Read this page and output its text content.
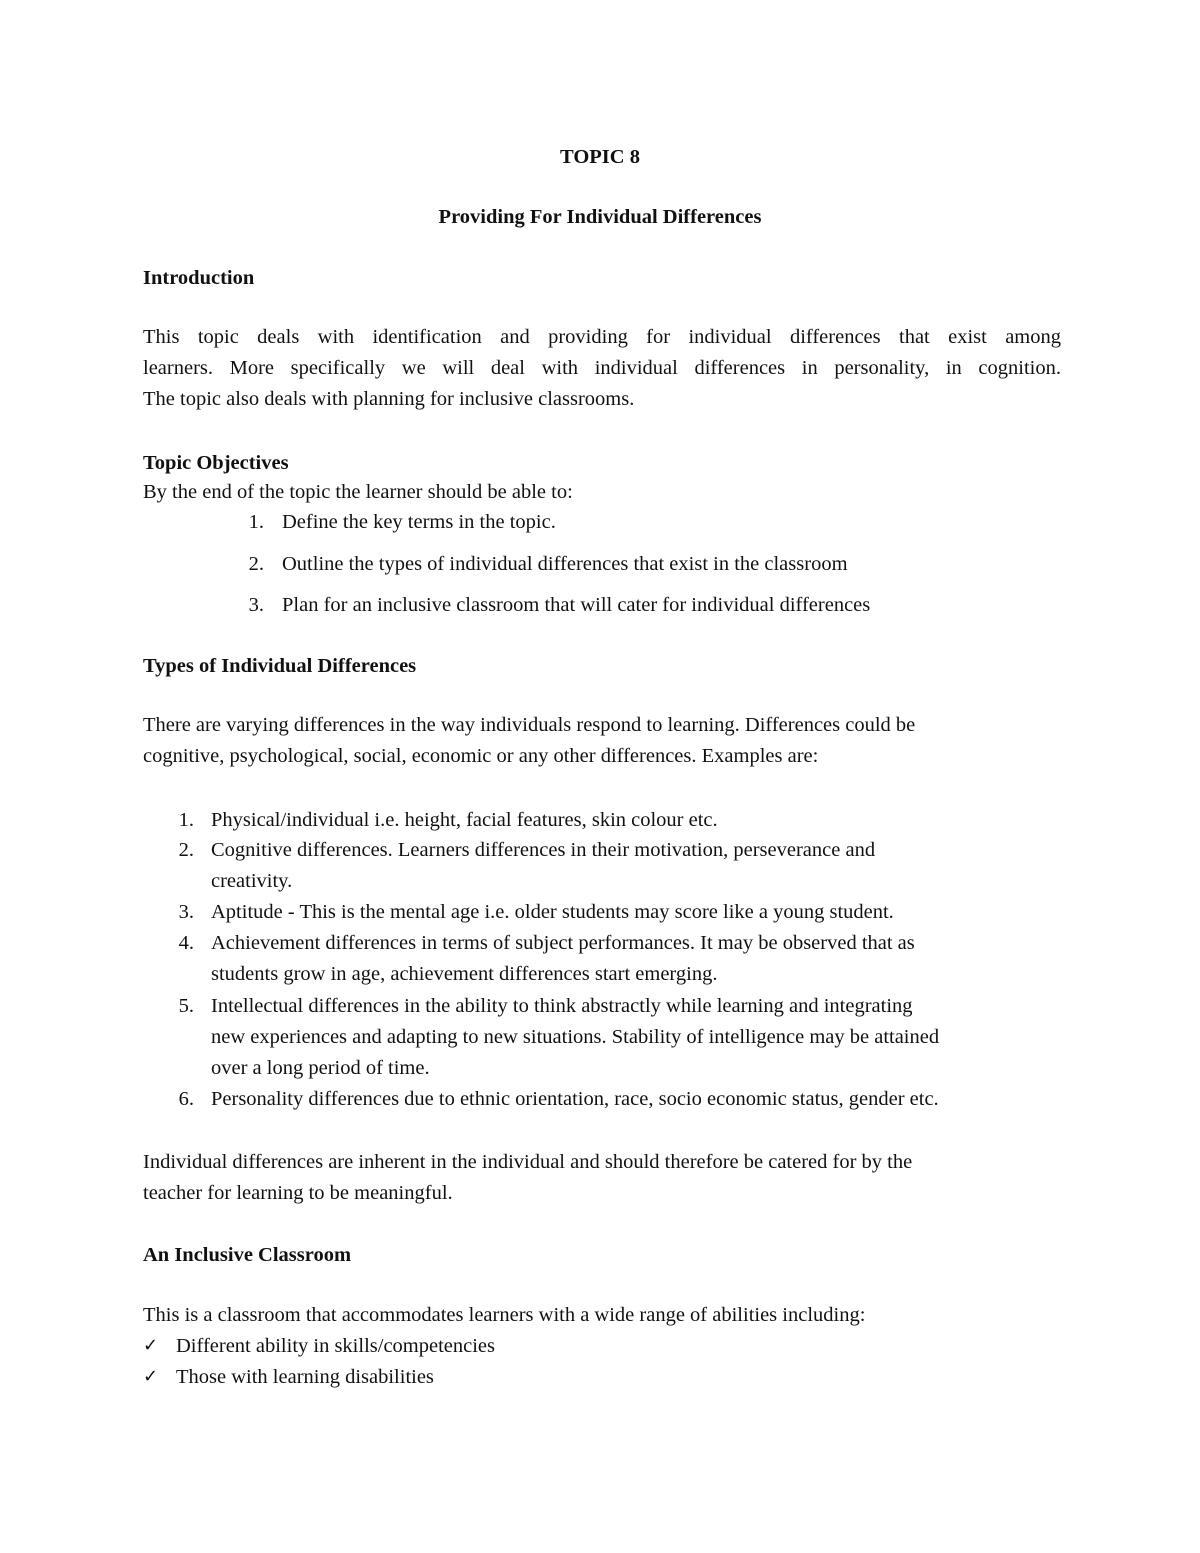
TOPIC 8
Providing For Individual Differences
Introduction
This topic deals with identification and providing for individual differences that exist among
learners. More specifically we will deal with individual differences in personality, in cognition.
The topic also deals with planning for inclusive classrooms.
Topic Objectives
By the end of the topic the learner should be able to:
1. Define the key terms in the topic.
2. Outline the types of individual differences that exist in the classroom
3. Plan for an inclusive classroom that will cater for individual differences
Types of Individual Differences
There are varying differences in the way individuals respond to learning. Differences could be
cognitive, psychological, social, economic or any other differences. Examples are:
1. Physical/individual i.e. height, facial features, skin colour etc.
2. Cognitive differences. Learners differences in their motivation, perseverance and
creativity.
3. Aptitude - This is the mental age i.e. older students may score like a young student.
4. Achievement differences in terms of subject performances. It may be observed that as
students grow in age, achievement differences start emerging.
5. Intellectual differences in the ability to think abstractly while learning and integrating
new experiences and adapting to new situations. Stability of intelligence may be attained
over a long period of time.
6. Personality differences due to ethnic orientation, race, socio economic status, gender etc.
Individual differences are inherent in the individual and should therefore be catered for by the
teacher for learning to be meaningful.
An Inclusive Classroom
This is a classroom that accommodates learners with a wide range of abilities including:
✓ Different ability in skills/competencies
✓ Those with learning disabilities
